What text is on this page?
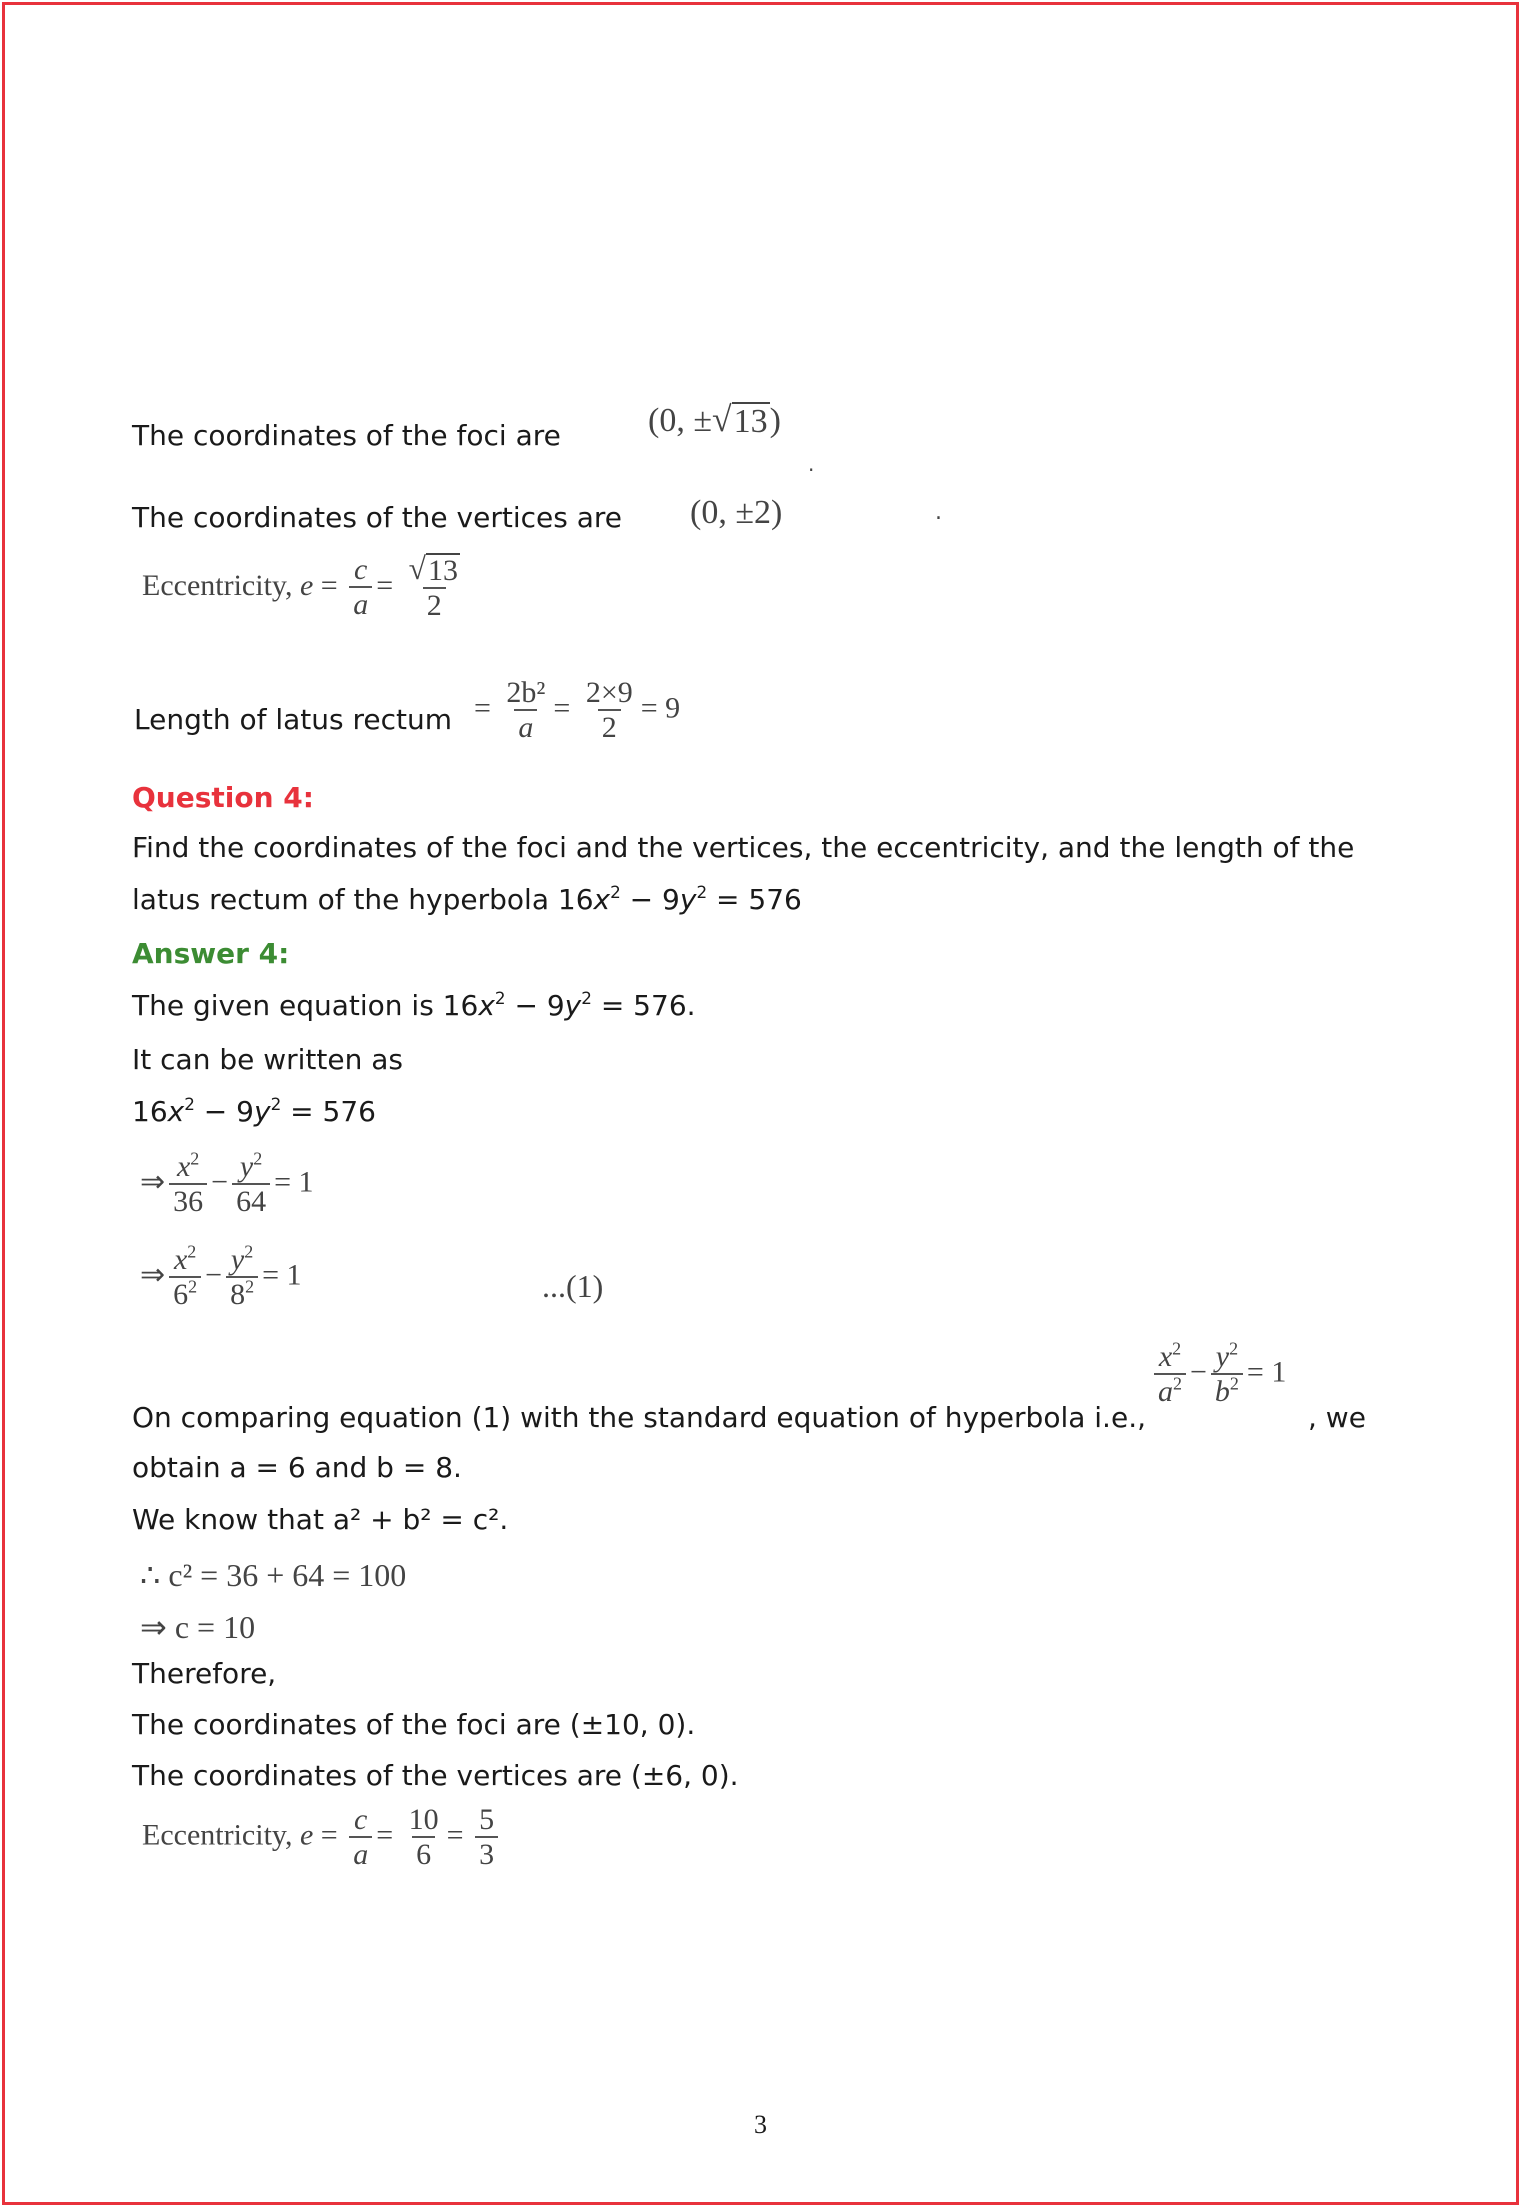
The coordinates of the foci are	(0, ± √ 13 )
.
The coordinates of the vertices are (0, ±2)	.
Eccentricity, $e = \frac{c}{a} = \frac{√ 13}{2}$
Length of latus rectum = $\frac{\text{2b²}}{a} = \frac{2\times 9}{2} = 9$
Question 4:
Find the coordinates of the foci and the vertices, the eccentricity, and the length of the
latus rectum of the hyperbola $16x^2 - 9y^2 = 576$
Answer 4:
The given equation is $16x^2 - 9y^2 = 576$.
It can be written as
$16x^2 - 9y^2 = 576$
⇒ $\frac{x^2}{36} - \frac{y^2}{64} = 1$
⇒ $\frac{x^2}{6^2} - \frac{y^2}{8^2} = 1$	...(1)
$\frac{x^2}{a^2} - \frac{y^2}{b^2} = 1$
On comparing equation (1) with the standard equation of hyperbola i.e.,	, we
obtain a = 6 and b = 8.
We know that a² + b² = c².
∴ c² = 36 + 64 = 100
⇒ c = 10
Therefore,
The coordinates of the foci are (±10, 0).
The coordinates of the vertices are (±6, 0).
Eccentricity, $e = \frac{c}{a} = \frac{10}{6} = \frac{5}{3}$
3
